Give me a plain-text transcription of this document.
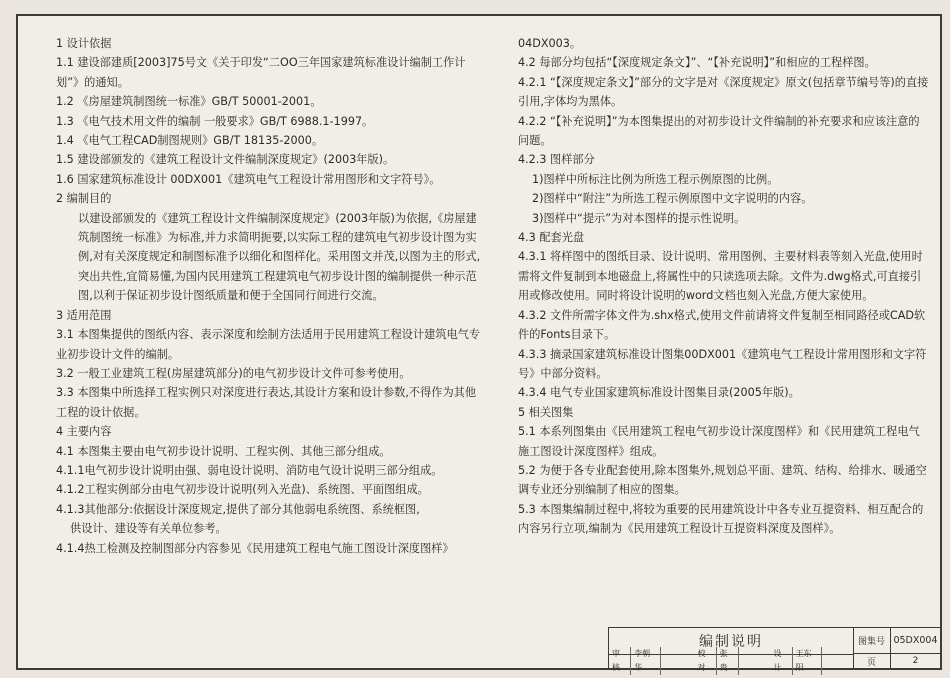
1 设计依据

1.1 建设部建质[2003]75号文《关于印发“二OO三年国家建筑标准设计编制工作计划”》的通知。

1.2 《房屋建筑制图统一标准》GB/T 50001-2001。

1.3 《电气技术用文件的编制 一般要求》GB/T 6988.1-1997。

1.4 《电气工程CAD制图规则》GB/T 18135-2000。

1.5 建设部颁发的《建筑工程设计文件编制深度规定》(2003年版)。

1.6 国家建筑标准设计 00DX001《建筑电气工程设计常用图形和文字符号》。

2 编制目的

以建设部颁发的《建筑工程设计文件编制深度规定》(2003年版)为依据,《房屋建筑制图统一标准》为标准,并力求简明扼要,以实际工程的建筑电气初步设计图为实例,对有关深度规定和制图标准予以细化和图样化。采用图文并茂,以图为主的形式,突出共性,宜简易懂,为国内民用建筑工程建筑电气初步设计图的编制提供一种示范图,以利于保证初步设计图纸质量和便于全国同行间进行交流。

3 适用范围

3.1 本图集提供的图纸内容、表示深度和绘制方法适用于民用建筑工程设计建筑电气专业初步设计文件的编制。

3.2 一般工业建筑工程(房屋建筑部分)的电气初步设计文件可参考使用。

3.3 本图集中所选择工程实例只对深度进行表达,其设计方案和设计参数,不得作为其他工程的设计依据。

4 主要内容

4.1 本图集主要由电气初步设计说明、工程实例、其他三部分组成。

4.1.1电气初步设计说明由强、弱电设计说明、消防电气设计说明三部分组成。

4.1.2工程实例部分由电气初步设计说明(列入光盘)、系统图、平面图组成。

4.1.3其他部分:依据设计深度规定,提供了部分其他弱电系统图、系统框图,

供设计、建设等有关单位参考。

4.1.4热工检测及控制图部分内容参见《民用建筑工程电气施工图设计深度图样》

04DX003。

4.2 每部分均包括“【深度规定条文】”、“【补充说明】”和相应的工程样图。

4.2.1 “【深度规定条文】”部分的文字是对《深度规定》原文(包括章节编号等)的直接引用,字体均为黑体。

4.2.2 “【补充说明】”为本图集提出的对初步设计文件编制的补充要求和应该注意的问题。

4.2.3 图样部分

1)图样中所标注比例为所选工程示例原图的比例。

2)图样中“附注”为所选工程示例原图中文字说明的内容。

3)图样中“提示”为对本图样的提示性说明。

4.3 配套光盘

4.3.1 将样图中的图纸目录、设计说明、常用图例、主要材料表等刻入光盘,使用时需将文件复制到本地磁盘上,将属性中的只读选项去除。文件为.dwg格式,可直接引用或修改使用。同时将设计说明的word文档也刻入光盘,方便大家使用。

4.3.2 文件所需字体文件为.shx格式,使用文件前请将文件复制至相同路径或CAD软件的Fonts目录下。

4.3.3 摘录国家建筑标准设计图集00DX001《建筑电气工程设计常用图形和文字符号》中部分资料。

4.3.4 电气专业国家建筑标准设计图集目录(2005年版)。

5 相关图集

5.1 本系列图集由《民用建筑工程电气初步设计深度图样》和《民用建筑工程电气施工图设计深度图样》组成。

5.2 为便于各专业配套使用,除本图集外,规划总平面、建筑、结构、给排水、暖通空调专业还分别编制了相应的图集。

5.3 本图集编制过程中,将较为重要的民用建筑设计中各专业互提资料、相互配合的内容另行立项,编制为《民用建筑工程设计互提资料深度及图样》。

编制说明	图集号 05DX004
页	2
审核
李朝华
校对
张贵
设计
王东阳
